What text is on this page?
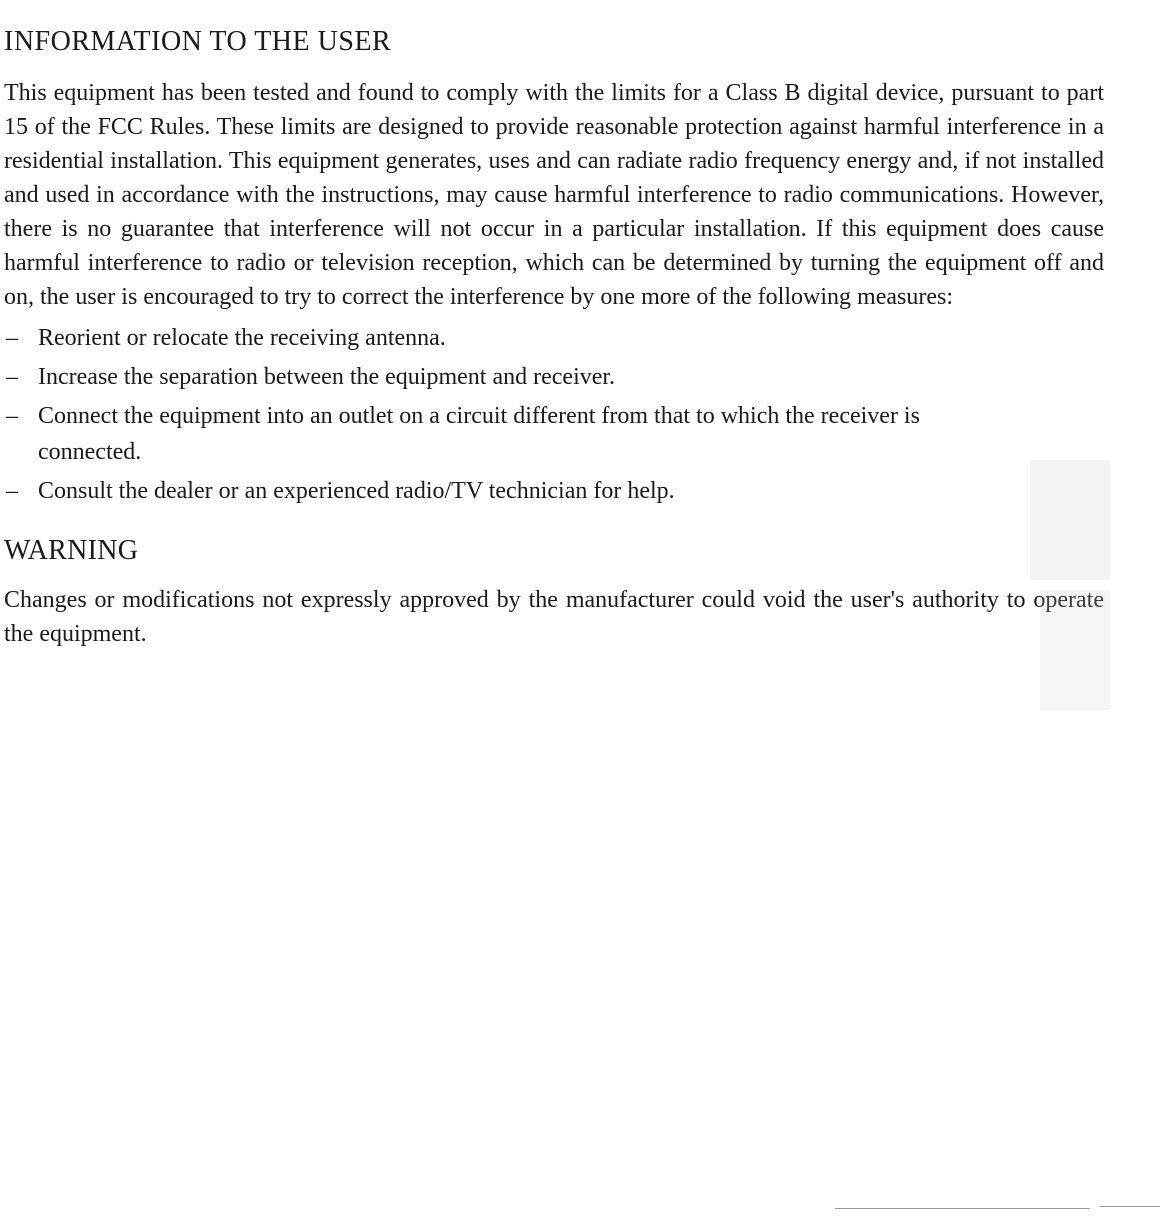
INFORMATION TO THE USER

This equipment has been tested and found to comply with the limits for a Class B digital device, pursuant to part 15 of the FCC Rules. These limits are designed to provide reasonable protection against harmful interference in a residential installation. This equipment generates, uses and can radiate radio frequency energy and, if not installed and used in accordance with the instructions, may cause harmful interference to radio communications. However, there is no guarantee that interference will not occur in a particular installation. If this equipment does cause harmful interference to radio or television reception, which can be determined by turning the equipment off and on, the user is encouraged to try to correct the interference by one more of the following measures:

– Reorient or relocate the receiving antenna.
– Increase the separation between the equipment and receiver.
– Connect the equipment into an outlet on a circuit different from that to which the receiver is connected.
– Consult the dealer or an experienced radio/TV technician for help.
WARNING

Changes or modifications not expressly approved by the manufacturer could void the user's authority to operate the equipment.
